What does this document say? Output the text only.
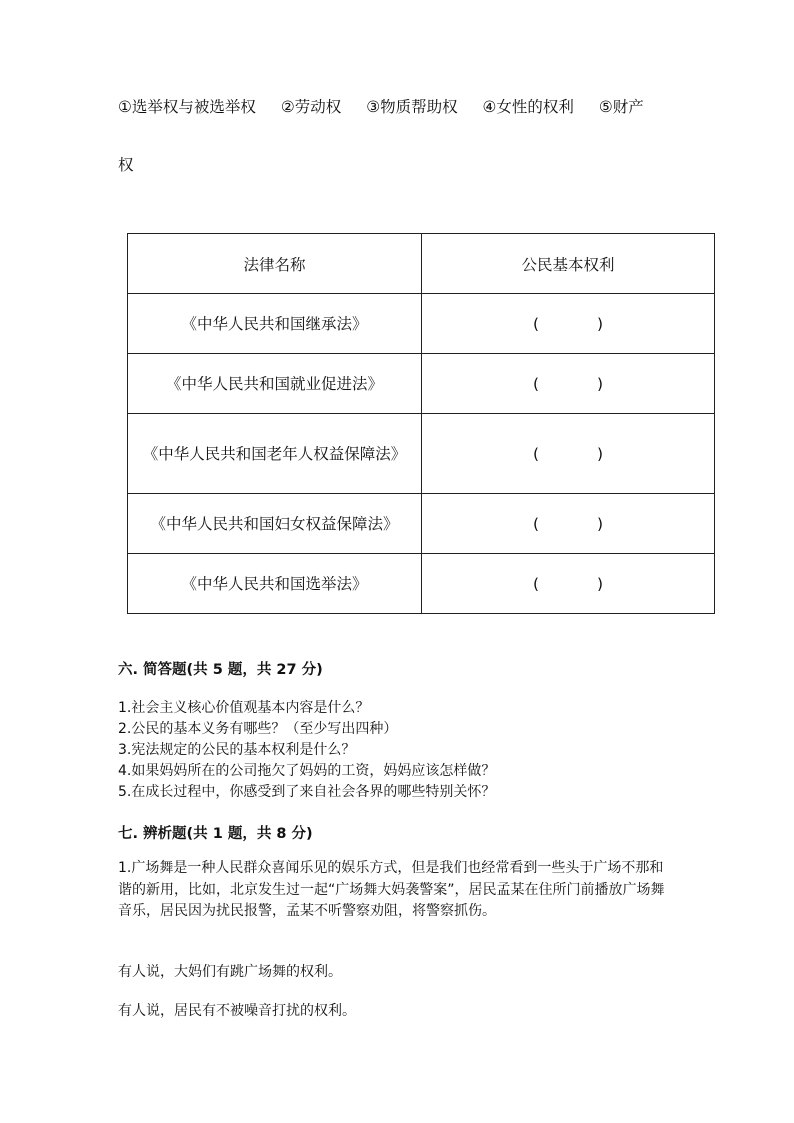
①选举权与被选举权 ②劳动权 ③物质帮助权 ④女性的权利 ⑤财产
权
法律名称	公民基本权利

《中华人民共和国继承法》	( )

《中华人民共和国就业促进法》	( )

《中华人民共和国老年人权益保障法》	( )

《中华人民共和国妇女权益保障法》	( )

《中华人民共和国选举法》	( )
六. 简答题(共 5 题，共 27 分)
1.社会主义核心价值观基本内容是什么？
2.公民的基本义务有哪些？（至少写出四种）
3.宪法规定的公民的基本权利是什么？
4.如果妈妈所在的公司拖欠了妈妈的工资，妈妈应该怎样做？
5.在成长过程中，你感受到了来自社会各界的哪些特别关怀？
七. 辨析题(共 1 题，共 8 分)
1.广场舞是一种人民群众喜闻乐见的娱乐方式，但是我们也经常看到一些头于广场不那和谐的新用，比如，北京发生过一起“广场舞大妈袭警案”，居民孟某在住所门前播放广场舞音乐，居民因为扰民报警，孟某不听警察劝阻，将警察抓伤。
有人说，大妈们有跳广场舞的权利。
有人说，居民有不被噪音打扰的权利。
